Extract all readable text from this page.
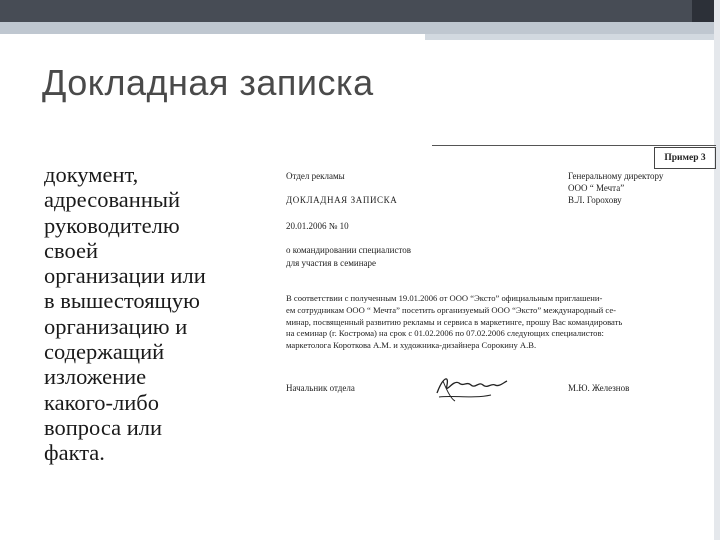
Докладная записка
документ,
адресованный
руководителю
своей
организации или
в вышестоящую
организацию и
содержащий
изложение
какого-либо
вопроса или
факта.
Пример 3
Отдел рекламы
ДОКЛАДНАЯ ЗАПИСКА
20.01.2006 № 10
о командировании специалистов
для участия в семинаре
Генеральному директору
ООО “ Мечта”
В.Л. Горохову
В соответствии с полученным 19.01.2006 от ООО “Эксто” официальным приглашени-
ем сотрудникам ООО “ Мечта” посетить организуемый ООО “Эксто” международный се-
минар, посвященный развитию рекламы и сервиса в маркетинге, прошу Вас командировать
на семинар (г. Кострома) на срок с 01.02.2006 по 07.02.2006 следующих специалистов:
маркетолога Короткова А.М. и художника-дизайнера Сорокину А.В.
Начальник отдела	М.Ю. Железнов
